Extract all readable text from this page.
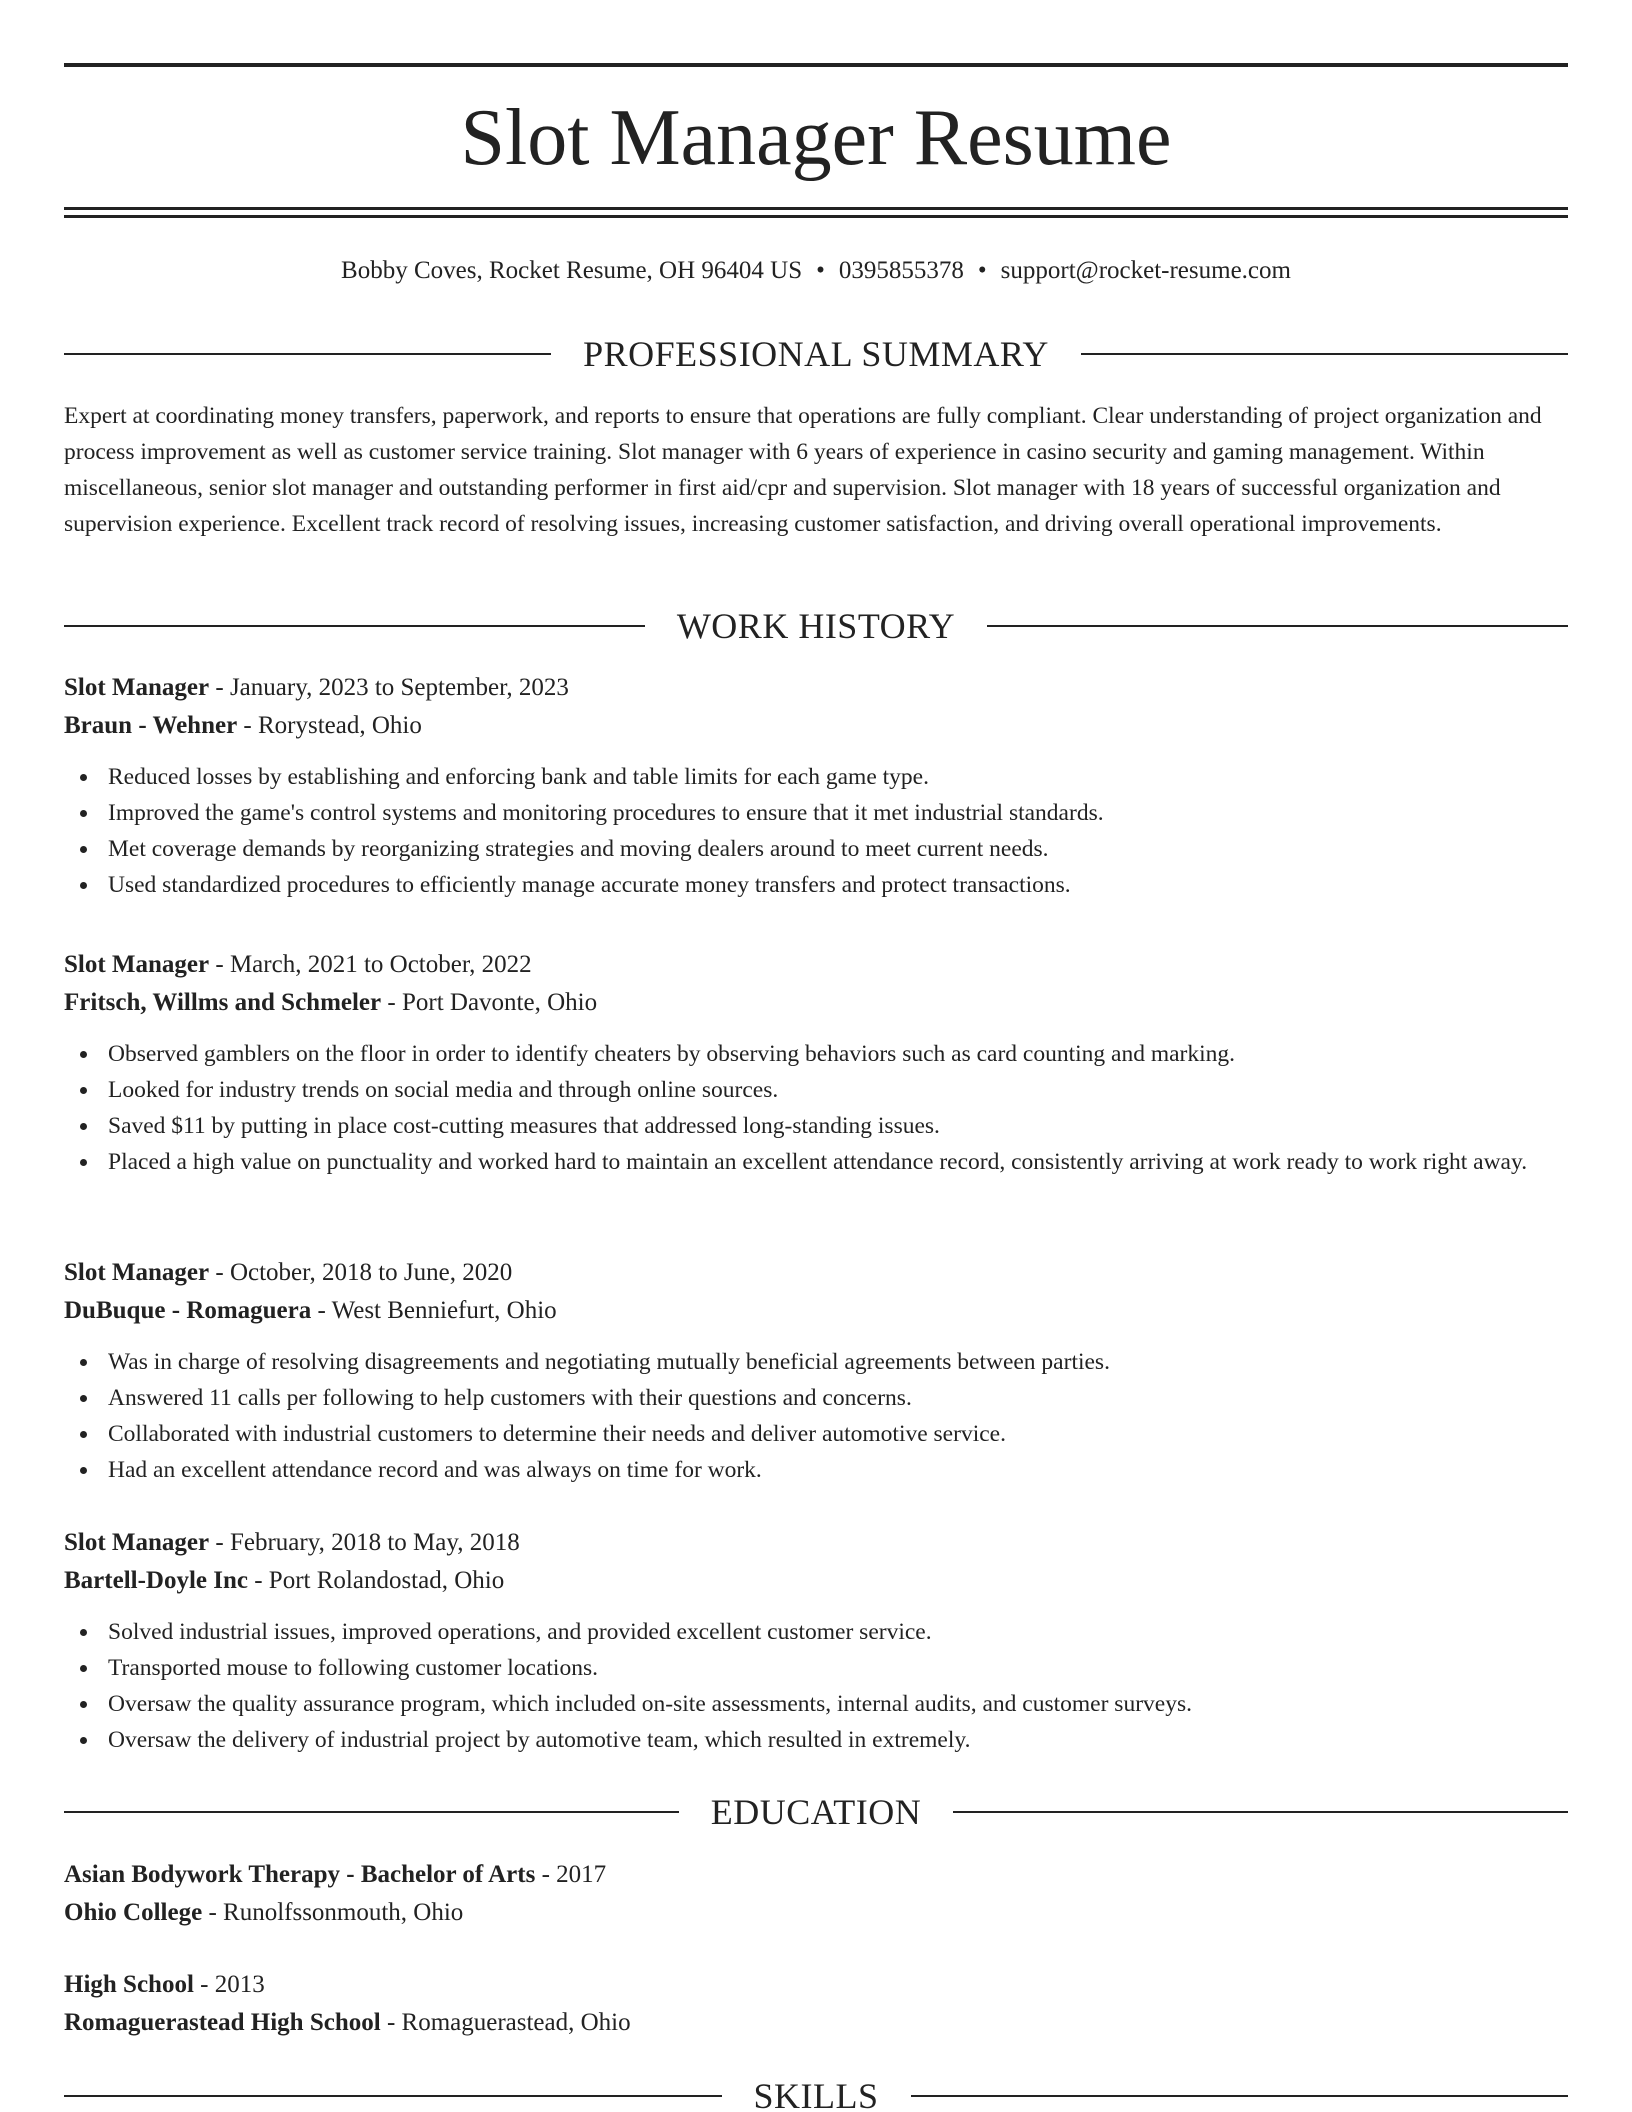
Slot Manager Resume
Bobby Coves, Rocket Resume, OH 96404 US • 0395855378 • support@rocket-resume.com
PROFESSIONAL SUMMARY

Expert at coordinating money transfers, paperwork, and reports to ensure that operations are fully compliant. Clear understanding of project organization and process improvement as well as customer service training. Slot manager with 6 years of experience in casino security and gaming management. Within miscellaneous, senior slot manager and outstanding performer in first aid/cpr and supervision. Slot manager with 18 years of successful organization and supervision experience. Excellent track record of resolving issues, increasing customer satisfaction, and driving overall operational improvements.

WORK HISTORY
Slot Manager - January, 2023 to September, 2023
Braun - Wehner - Rorystead, Ohio
Reduced losses by establishing and enforcing bank and table limits for each game type.
Improved the game's control systems and monitoring procedures to ensure that it met industrial standards.
Met coverage demands by reorganizing strategies and moving dealers around to meet current needs.
Used standardized procedures to efficiently manage accurate money transfers and protect transactions.
Slot Manager - March, 2021 to October, 2022
Fritsch, Willms and Schmeler - Port Davonte, Ohio
Observed gamblers on the floor in order to identify cheaters by observing behaviors such as card counting and marking.
Looked for industry trends on social media and through online sources.
Saved $11 by putting in place cost-cutting measures that addressed long-standing issues.
Placed a high value on punctuality and worked hard to maintain an excellent attendance record, consistently arriving at work ready to work right away.
Slot Manager - October, 2018 to June, 2020
DuBuque - Romaguera - West Benniefurt, Ohio
Was in charge of resolving disagreements and negotiating mutually beneficial agreements between parties.
Answered 11 calls per following to help customers with their questions and concerns.
Collaborated with industrial customers to determine their needs and deliver automotive service.
Had an excellent attendance record and was always on time for work.
Slot Manager - February, 2018 to May, 2018
Bartell-Doyle Inc - Port Rolandostad, Ohio
Solved industrial issues, improved operations, and provided excellent customer service.
Transported mouse to following customer locations.
Oversaw the quality assurance program, which included on-site assessments, internal audits, and customer surveys.
Oversaw the delivery of industrial project by automotive team, which resulted in extremely.
EDUCATION
Asian Bodywork Therapy - Bachelor of Arts - 2017
Ohio College - Runolfssonmouth, Ohio
High School - 2013
Romaguerastead High School - Romaguerastead, Ohio
SKILLS
